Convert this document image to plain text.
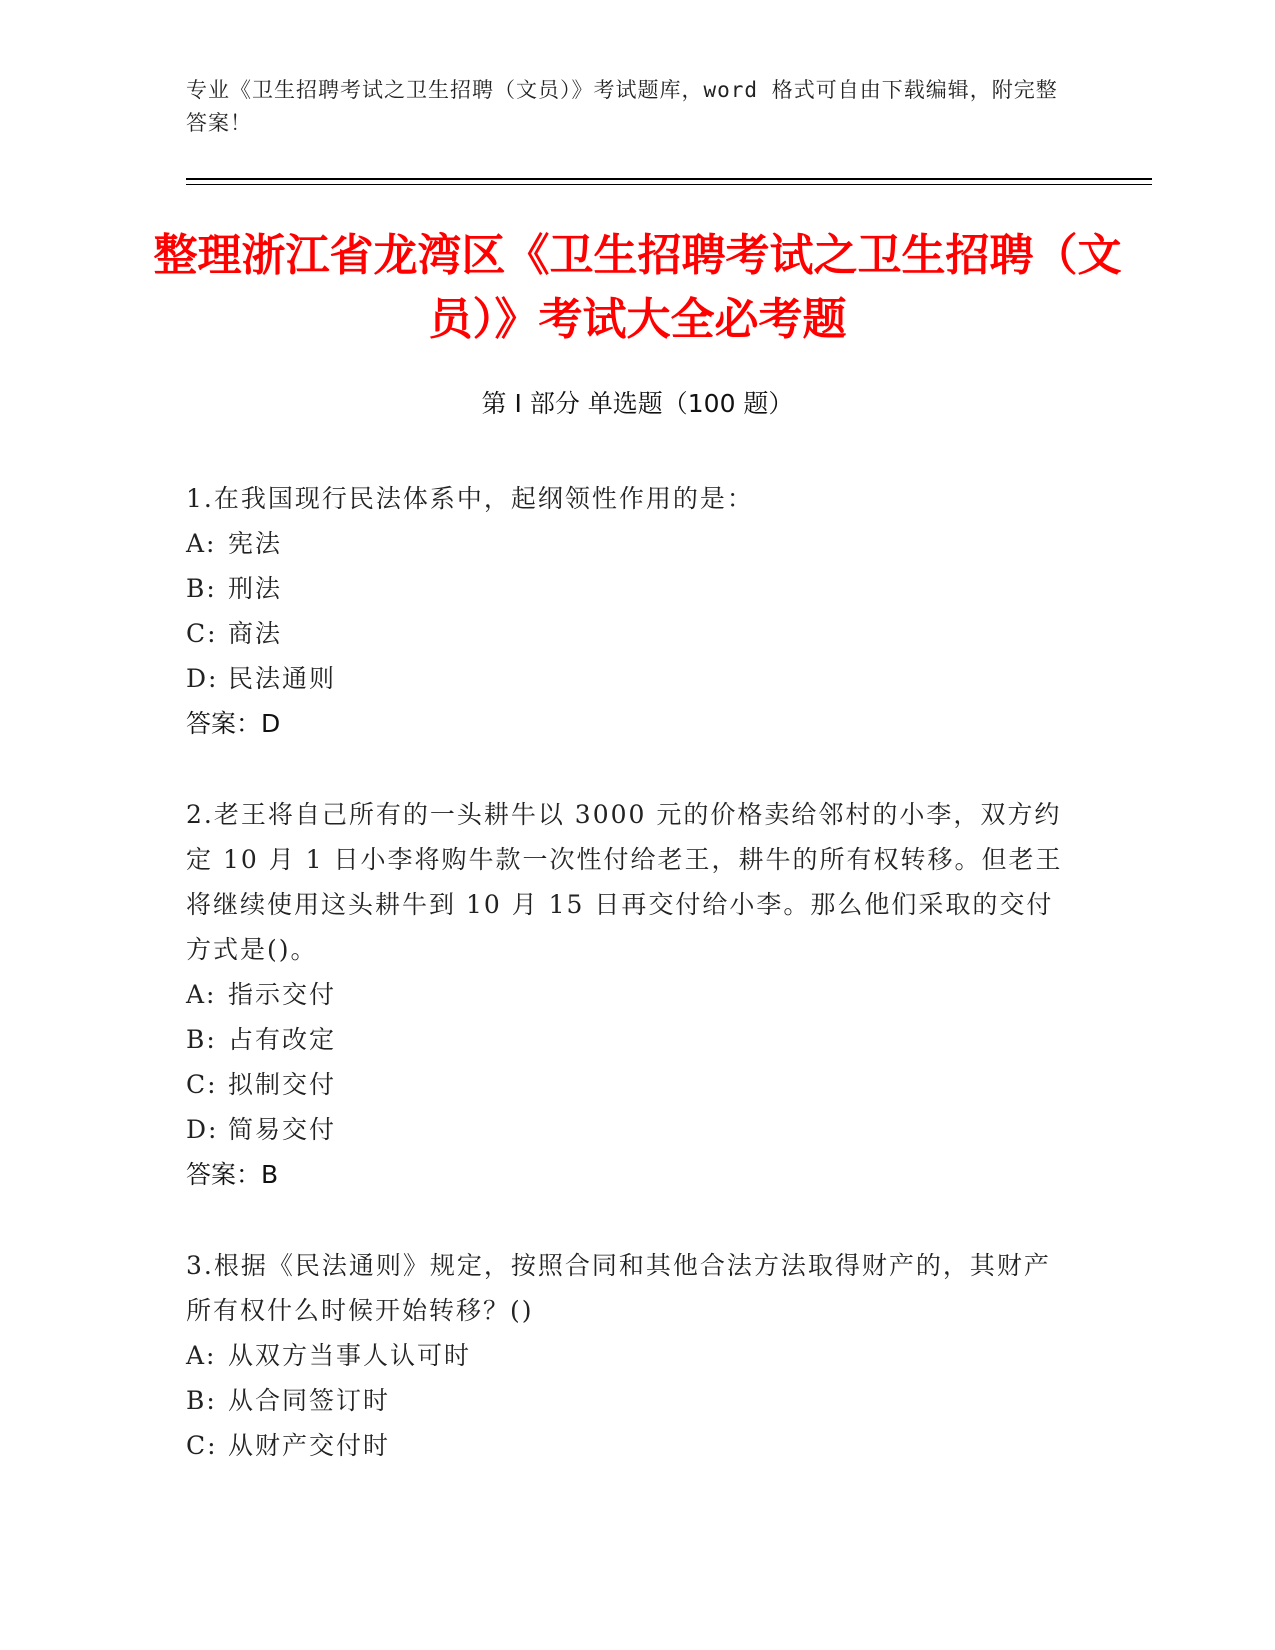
专业《卫生招聘考试之卫生招聘（文员）》考试题库，word 格式可自由下载编辑，附完整答案！
整理浙江省龙湾区《卫生招聘考试之卫生招聘（文员）》考试大全必考题
第 I 部分 单选题（100 题）
1.在我国现行民法体系中，起纲领性作用的是：
A: 宪法
B: 刑法
C: 商法
D: 民法通则
答案：D
2.老王将自己所有的一头耕牛以 3000 元的价格卖给邻村的小李，双方约定 10 月 1 日小李将购牛款一次性付给老王，耕牛的所有权转移。但老王将继续使用这头耕牛到 10 月 15 日再交付给小李。那么他们采取的交付方式是()。
A: 指示交付
B: 占有改定
C: 拟制交付
D: 简易交付
答案：B
3.根据《民法通则》规定，按照合同和其他合法方法取得财产的，其财产所有权什么时候开始转移？()
A: 从双方当事人认可时
B: 从合同签订时
C: 从财产交付时
